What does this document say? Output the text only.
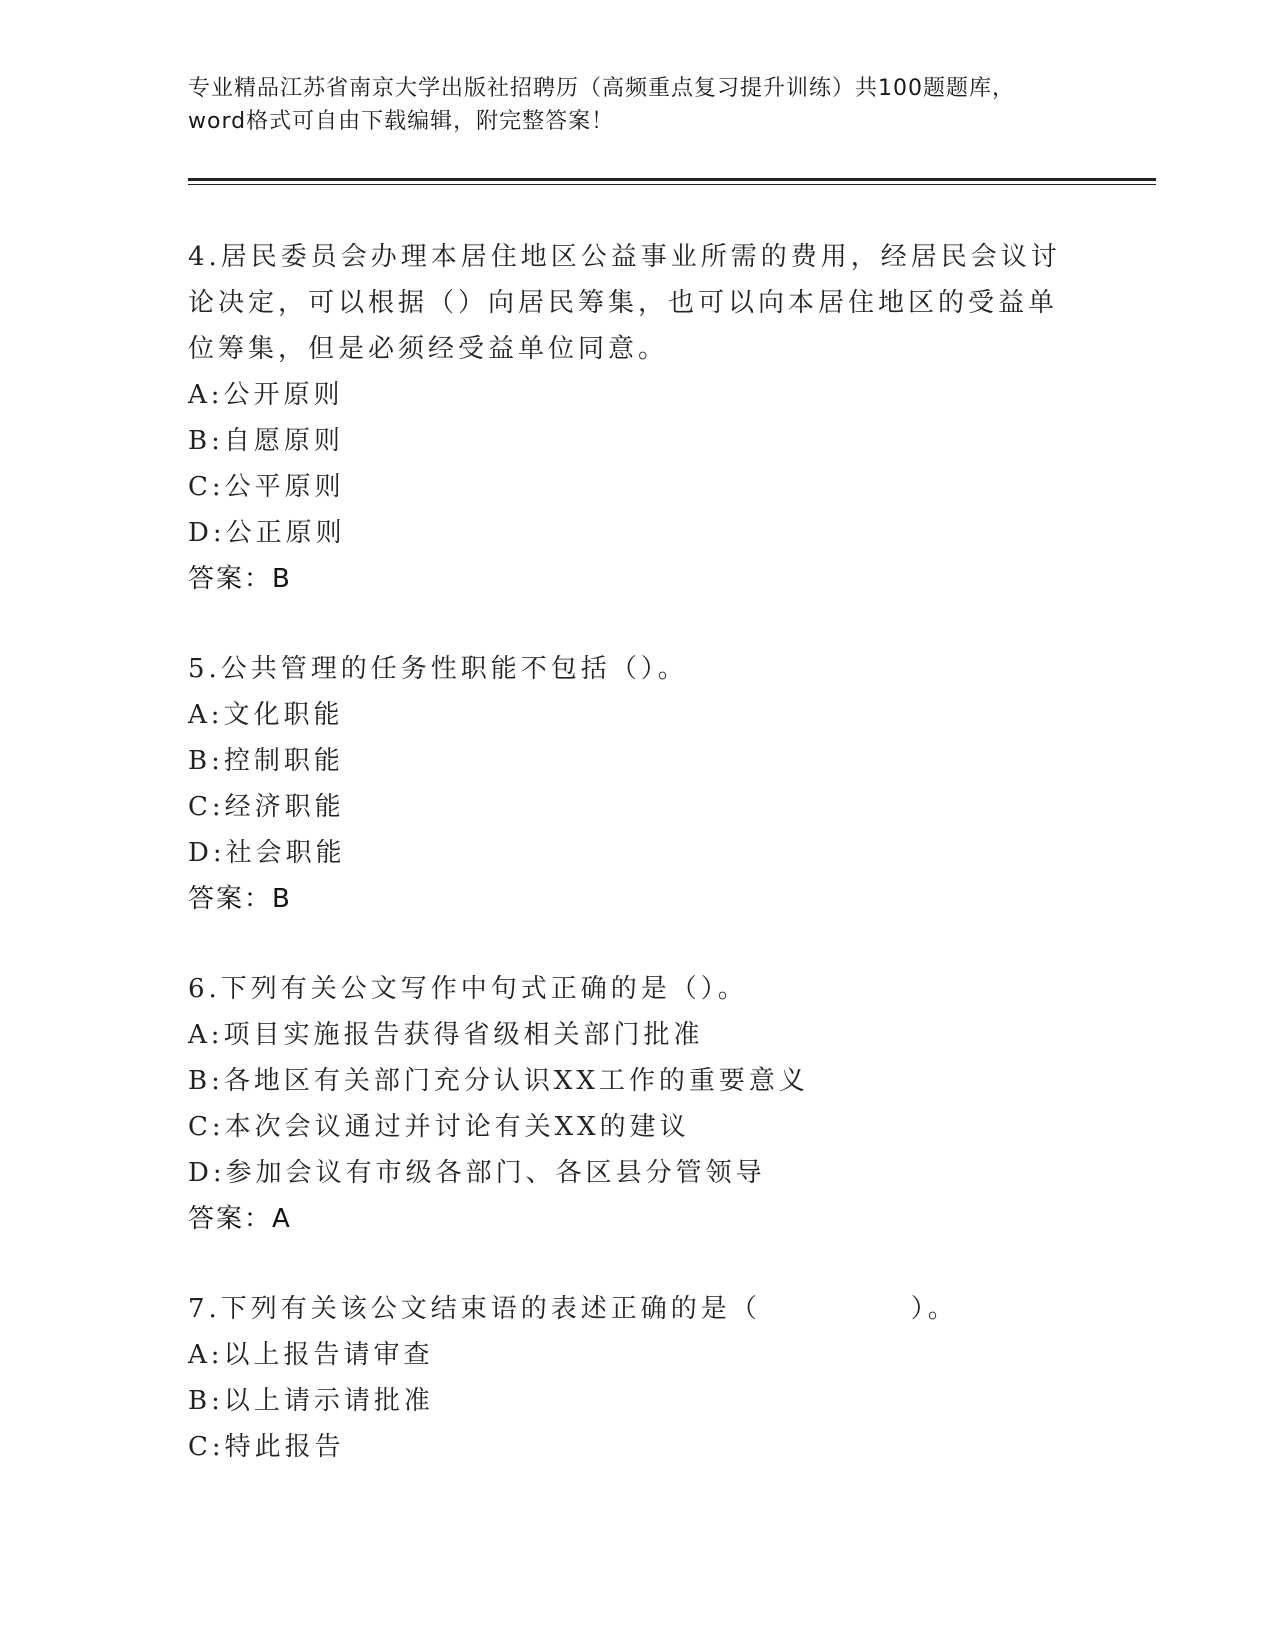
专业精品江苏省南京大学出版社招聘历（高频重点复习提升训练）共100题题库，word格式可自由下载编辑，附完整答案！
4.居民委员会办理本居住地区公益事业所需的费用，经居民会议讨论决定，可以根据（）向居民筹集，也可以向本居住地区的受益单位筹集，但是必须经受益单位同意。
A:公开原则
B:自愿原则
C:公平原则
D:公正原则
答案：B
5.公共管理的任务性职能不包括（）。
A:文化职能
B:控制职能
C:经济职能
D:社会职能
答案：B
6.下列有关公文写作中句式正确的是（）。
A:项目实施报告获得省级相关部门批准
B:各地区有关部门充分认识XX工作的重要意义
C:本次会议通过并讨论有关XX的建议
D:参加会议有市级各部门、各区县分管领导
答案：A
7.下列有关该公文结束语的表述正确的是（　　　　　）。
A:以上报告请审查
B:以上请示请批准
C:特此报告
